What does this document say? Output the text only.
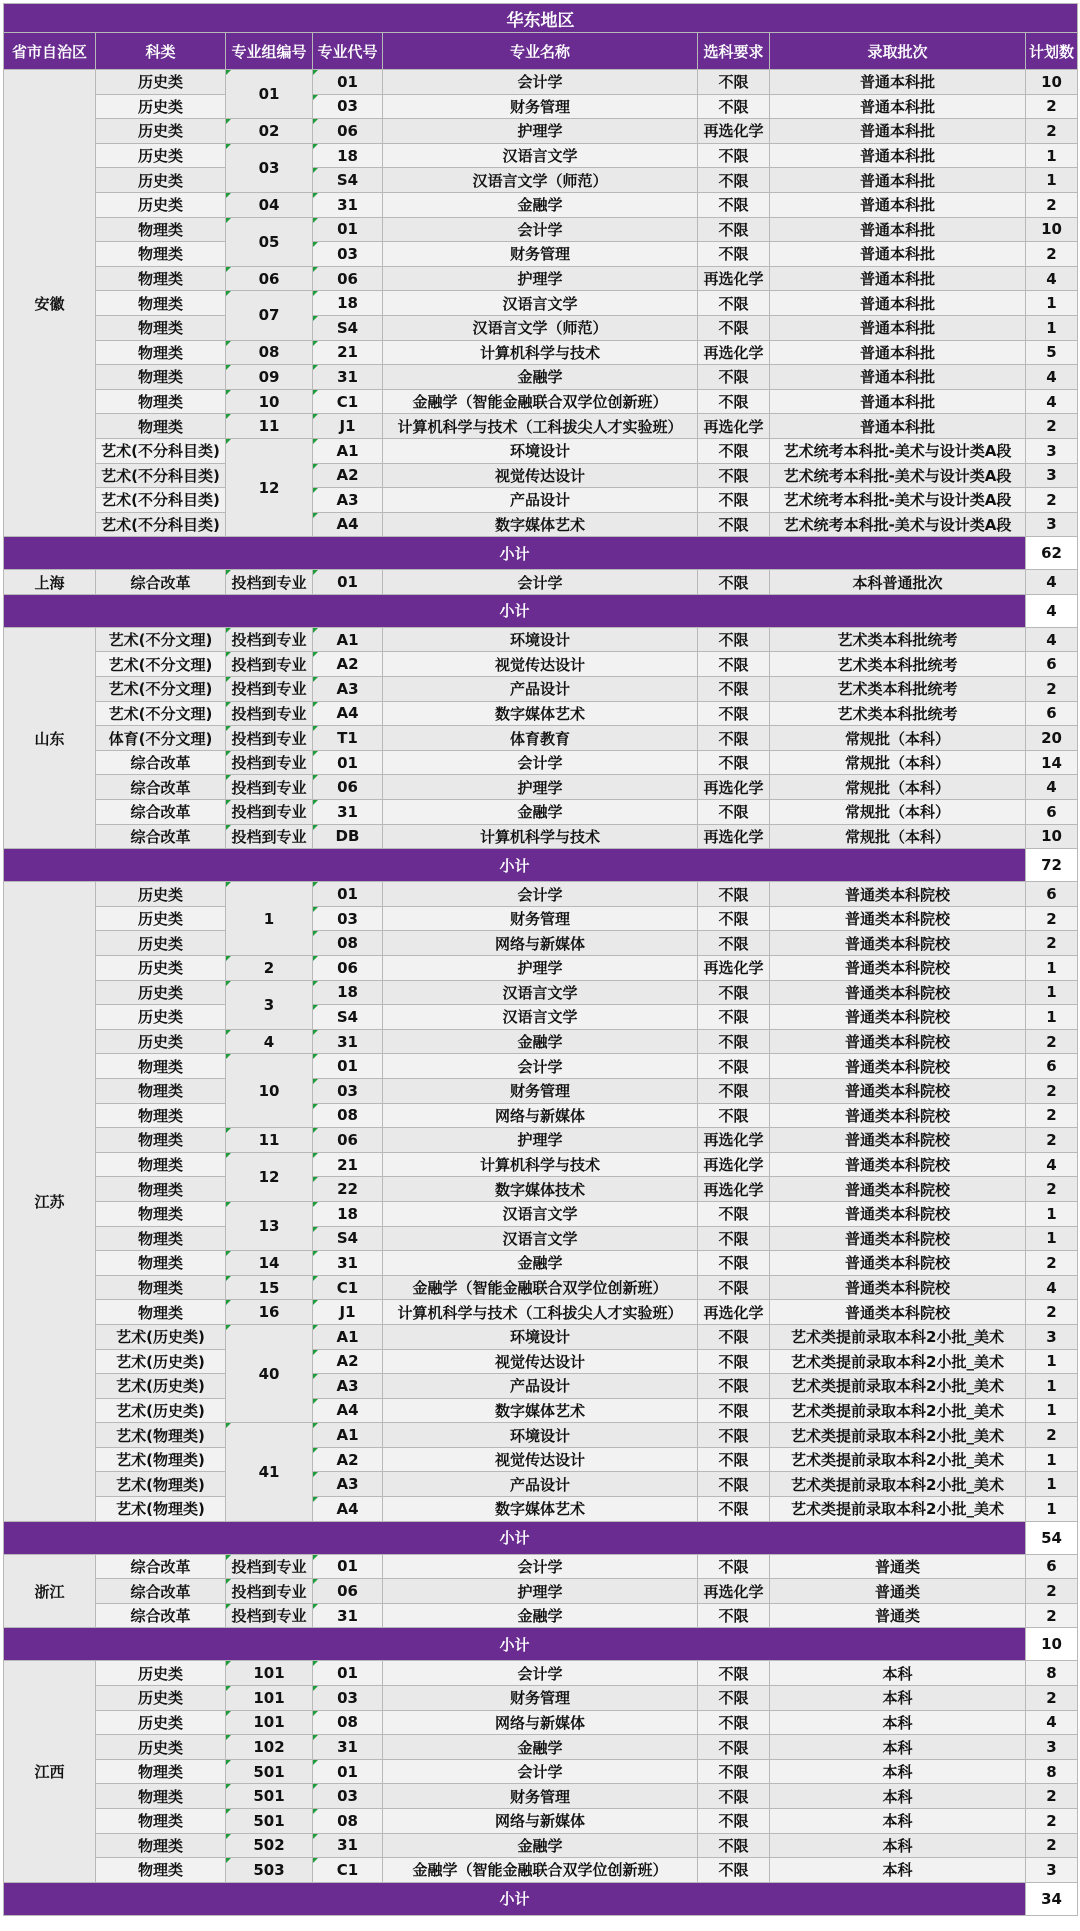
华东地区							
省市自治区	科类	专业组编号	专业代号	专业名称	选科要求	录取批次	计划数
安徽	历史类	01	01	会计学	不限	普通本科批	10
	历史类		03	财务管理	不限	普通本科批	2
	历史类	02	06	护理学	再选化学	普通本科批	2
	历史类	03	18	汉语言文学	不限	普通本科批	1
	历史类		S4	汉语言文学（师范）	不限	普通本科批	1
	历史类	04	31	金融学	不限	普通本科批	2
	物理类	05	01	会计学	不限	普通本科批	10
	物理类		03	财务管理	不限	普通本科批	2
	物理类	06	06	护理学	再选化学	普通本科批	4
	物理类	07	18	汉语言文学	不限	普通本科批	1
	物理类		S4	汉语言文学（师范）	不限	普通本科批	1
	物理类	08	21	计算机科学与技术	再选化学	普通本科批	5
	物理类	09	31	金融学	不限	普通本科批	4
	物理类	10	C1	金融学（智能金融联合双学位创新班）	不限	普通本科批	4
	物理类	11	J1	计算机科学与技术（工科拔尖人才实验班）	再选化学	普通本科批	2
	艺术(不分科目类)	12	A1	环境设计	不限	艺术统考本科批-美术与设计类A段	3
	艺术(不分科目类)		A2	视觉传达设计	不限	艺术统考本科批-美术与设计类A段	3
	艺术(不分科目类)		A3	产品设计	不限	艺术统考本科批-美术与设计类A段	2
	艺术(不分科目类)		A4	数字媒体艺术	不限	艺术统考本科批-美术与设计类A段	3
小计							62
上海	综合改革	投档到专业	01	会计学	不限	本科普通批次	4
小计							4
山东	艺术(不分文理)	投档到专业	A1	环境设计	不限	艺术类本科批统考	4
	艺术(不分文理)	投档到专业	A2	视觉传达设计	不限	艺术类本科批统考	6
	艺术(不分文理)	投档到专业	A3	产品设计	不限	艺术类本科批统考	2
	艺术(不分文理)	投档到专业	A4	数字媒体艺术	不限	艺术类本科批统考	6
	体育(不分文理)	投档到专业	T1	体育教育	不限	常规批（本科）	20
	综合改革	投档到专业	01	会计学	不限	常规批（本科）	14
	综合改革	投档到专业	06	护理学	再选化学	常规批（本科）	4
	综合改革	投档到专业	31	金融学	不限	常规批（本科）	6
	综合改革	投档到专业	DB	计算机科学与技术	再选化学	常规批（本科）	10
小计							72
江苏	历史类	1	01	会计学	不限	普通类本科院校	6
	历史类		03	财务管理	不限	普通类本科院校	2
	历史类		08	网络与新媒体	不限	普通类本科院校	2
	历史类	2	06	护理学	再选化学	普通类本科院校	1
	历史类	3	18	汉语言文学	不限	普通类本科院校	1
	历史类		S4	汉语言文学	不限	普通类本科院校	1
	历史类	4	31	金融学	不限	普通类本科院校	2
	物理类	10	01	会计学	不限	普通类本科院校	6
	物理类		03	财务管理	不限	普通类本科院校	2
	物理类		08	网络与新媒体	不限	普通类本科院校	2
	物理类	11	06	护理学	再选化学	普通类本科院校	2
	物理类	12	21	计算机科学与技术	再选化学	普通类本科院校	4
	物理类		22	数字媒体技术	再选化学	普通类本科院校	2
	物理类	13	18	汉语言文学	不限	普通类本科院校	1
	物理类		S4	汉语言文学	不限	普通类本科院校	1
	物理类	14	31	金融学	不限	普通类本科院校	2
	物理类	15	C1	金融学（智能金融联合双学位创新班）	不限	普通类本科院校	4
	物理类	16	J1	计算机科学与技术（工科拔尖人才实验班）	再选化学	普通类本科院校	2
	艺术(历史类)	40	A1	环境设计	不限	艺术类提前录取本科2小批_美术	3
	艺术(历史类)		A2	视觉传达设计	不限	艺术类提前录取本科2小批_美术	1
	艺术(历史类)		A3	产品设计	不限	艺术类提前录取本科2小批_美术	1
	艺术(历史类)		A4	数字媒体艺术	不限	艺术类提前录取本科2小批_美术	1
	艺术(物理类)	41	A1	环境设计	不限	艺术类提前录取本科2小批_美术	2
	艺术(物理类)		A2	视觉传达设计	不限	艺术类提前录取本科2小批_美术	1
	艺术(物理类)		A3	产品设计	不限	艺术类提前录取本科2小批_美术	1
	艺术(物理类)		A4	数字媒体艺术	不限	艺术类提前录取本科2小批_美术	1
小计							54
浙江	综合改革	投档到专业	01	会计学	不限	普通类	6
	综合改革	投档到专业	06	护理学	再选化学	普通类	2
	综合改革	投档到专业	31	金融学	不限	普通类	2
小计							10
江西	历史类	101	01	会计学	不限	本科	8
	历史类	101	03	财务管理	不限	本科	2
	历史类	101	08	网络与新媒体	不限	本科	4
	历史类	102	31	金融学	不限	本科	3
	物理类	501	01	会计学	不限	本科	8
	物理类	501	03	财务管理	不限	本科	2
	物理类	501	08	网络与新媒体	不限	本科	2
	物理类	502	31	金融学	不限	本科	2
	物理类	503	C1	金融学（智能金融联合双学位创新班）	不限	本科	3
小计							34
